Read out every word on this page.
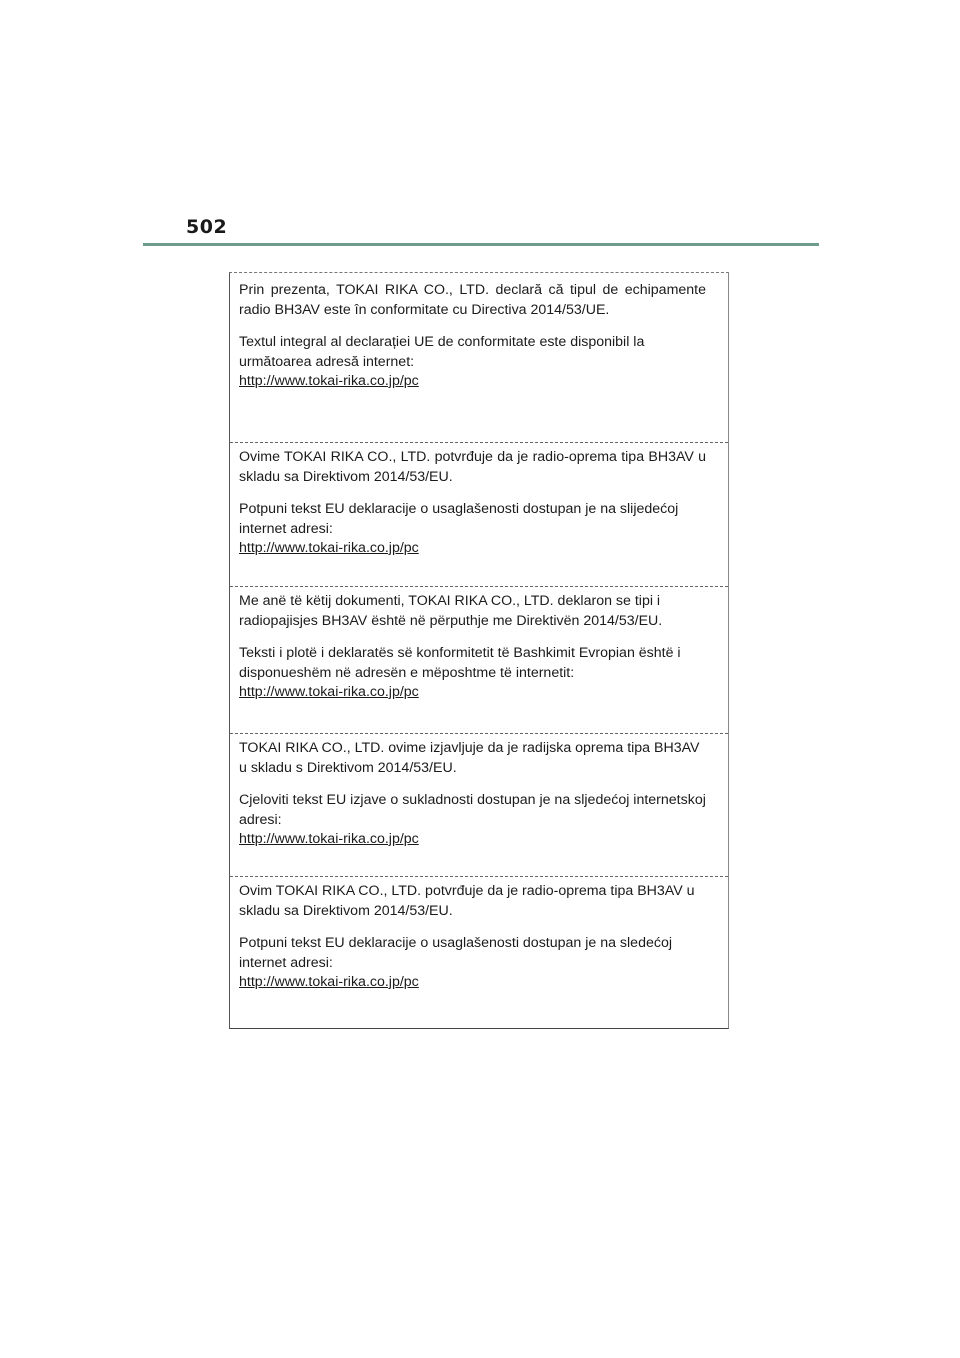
502

Prin prezenta, TOKAI RIKA CO., LTD. declară că tipul de echipamente radio BH3AV este în conformitate cu Directiva 2014/53/UE.

Textul integral al declarației UE de conformitate este disponibil la următoarea adresă internet:

http://www.tokai-rika.co.jp/pc

Ovime TOKAI RIKA CO., LTD. potvrđuje da je radio-oprema tipa BH3AV u skladu sa Direktivom 2014/53/EU.

Potpuni tekst EU deklaracije o usaglašenosti dostupan je na slijedećoj internet adresi:

http://www.tokai-rika.co.jp/pc

Me anë të këtij dokumenti, TOKAI RIKA CO., LTD. deklaron se tipi i radiopajisjes BH3AV është në përputhje me Direktivën 2014/53/EU.

Teksti i plotë i deklaratës së konformitetit të Bashkimit Evropian është i disponueshëm në adresën e mëposhtme të internetit:

http://www.tokai-rika.co.jp/pc

TOKAI RIKA CO., LTD. ovime izjavljuje da je radijska oprema tipa BH3AV u skladu s Direktivom 2014/53/EU.

Cjeloviti tekst EU izjave o sukladnosti dostupan je na sljedećoj internetskoj adresi:

http://www.tokai-rika.co.jp/pc

Ovim TOKAI RIKA CO., LTD. potvrđuje da je radio-oprema tipa BH3AV u skladu sa Direktivom 2014/53/EU.

Potpuni tekst EU deklaracije o usaglašenosti dostupan je na sledećoj internet adresi:

http://www.tokai-rika.co.jp/pc
